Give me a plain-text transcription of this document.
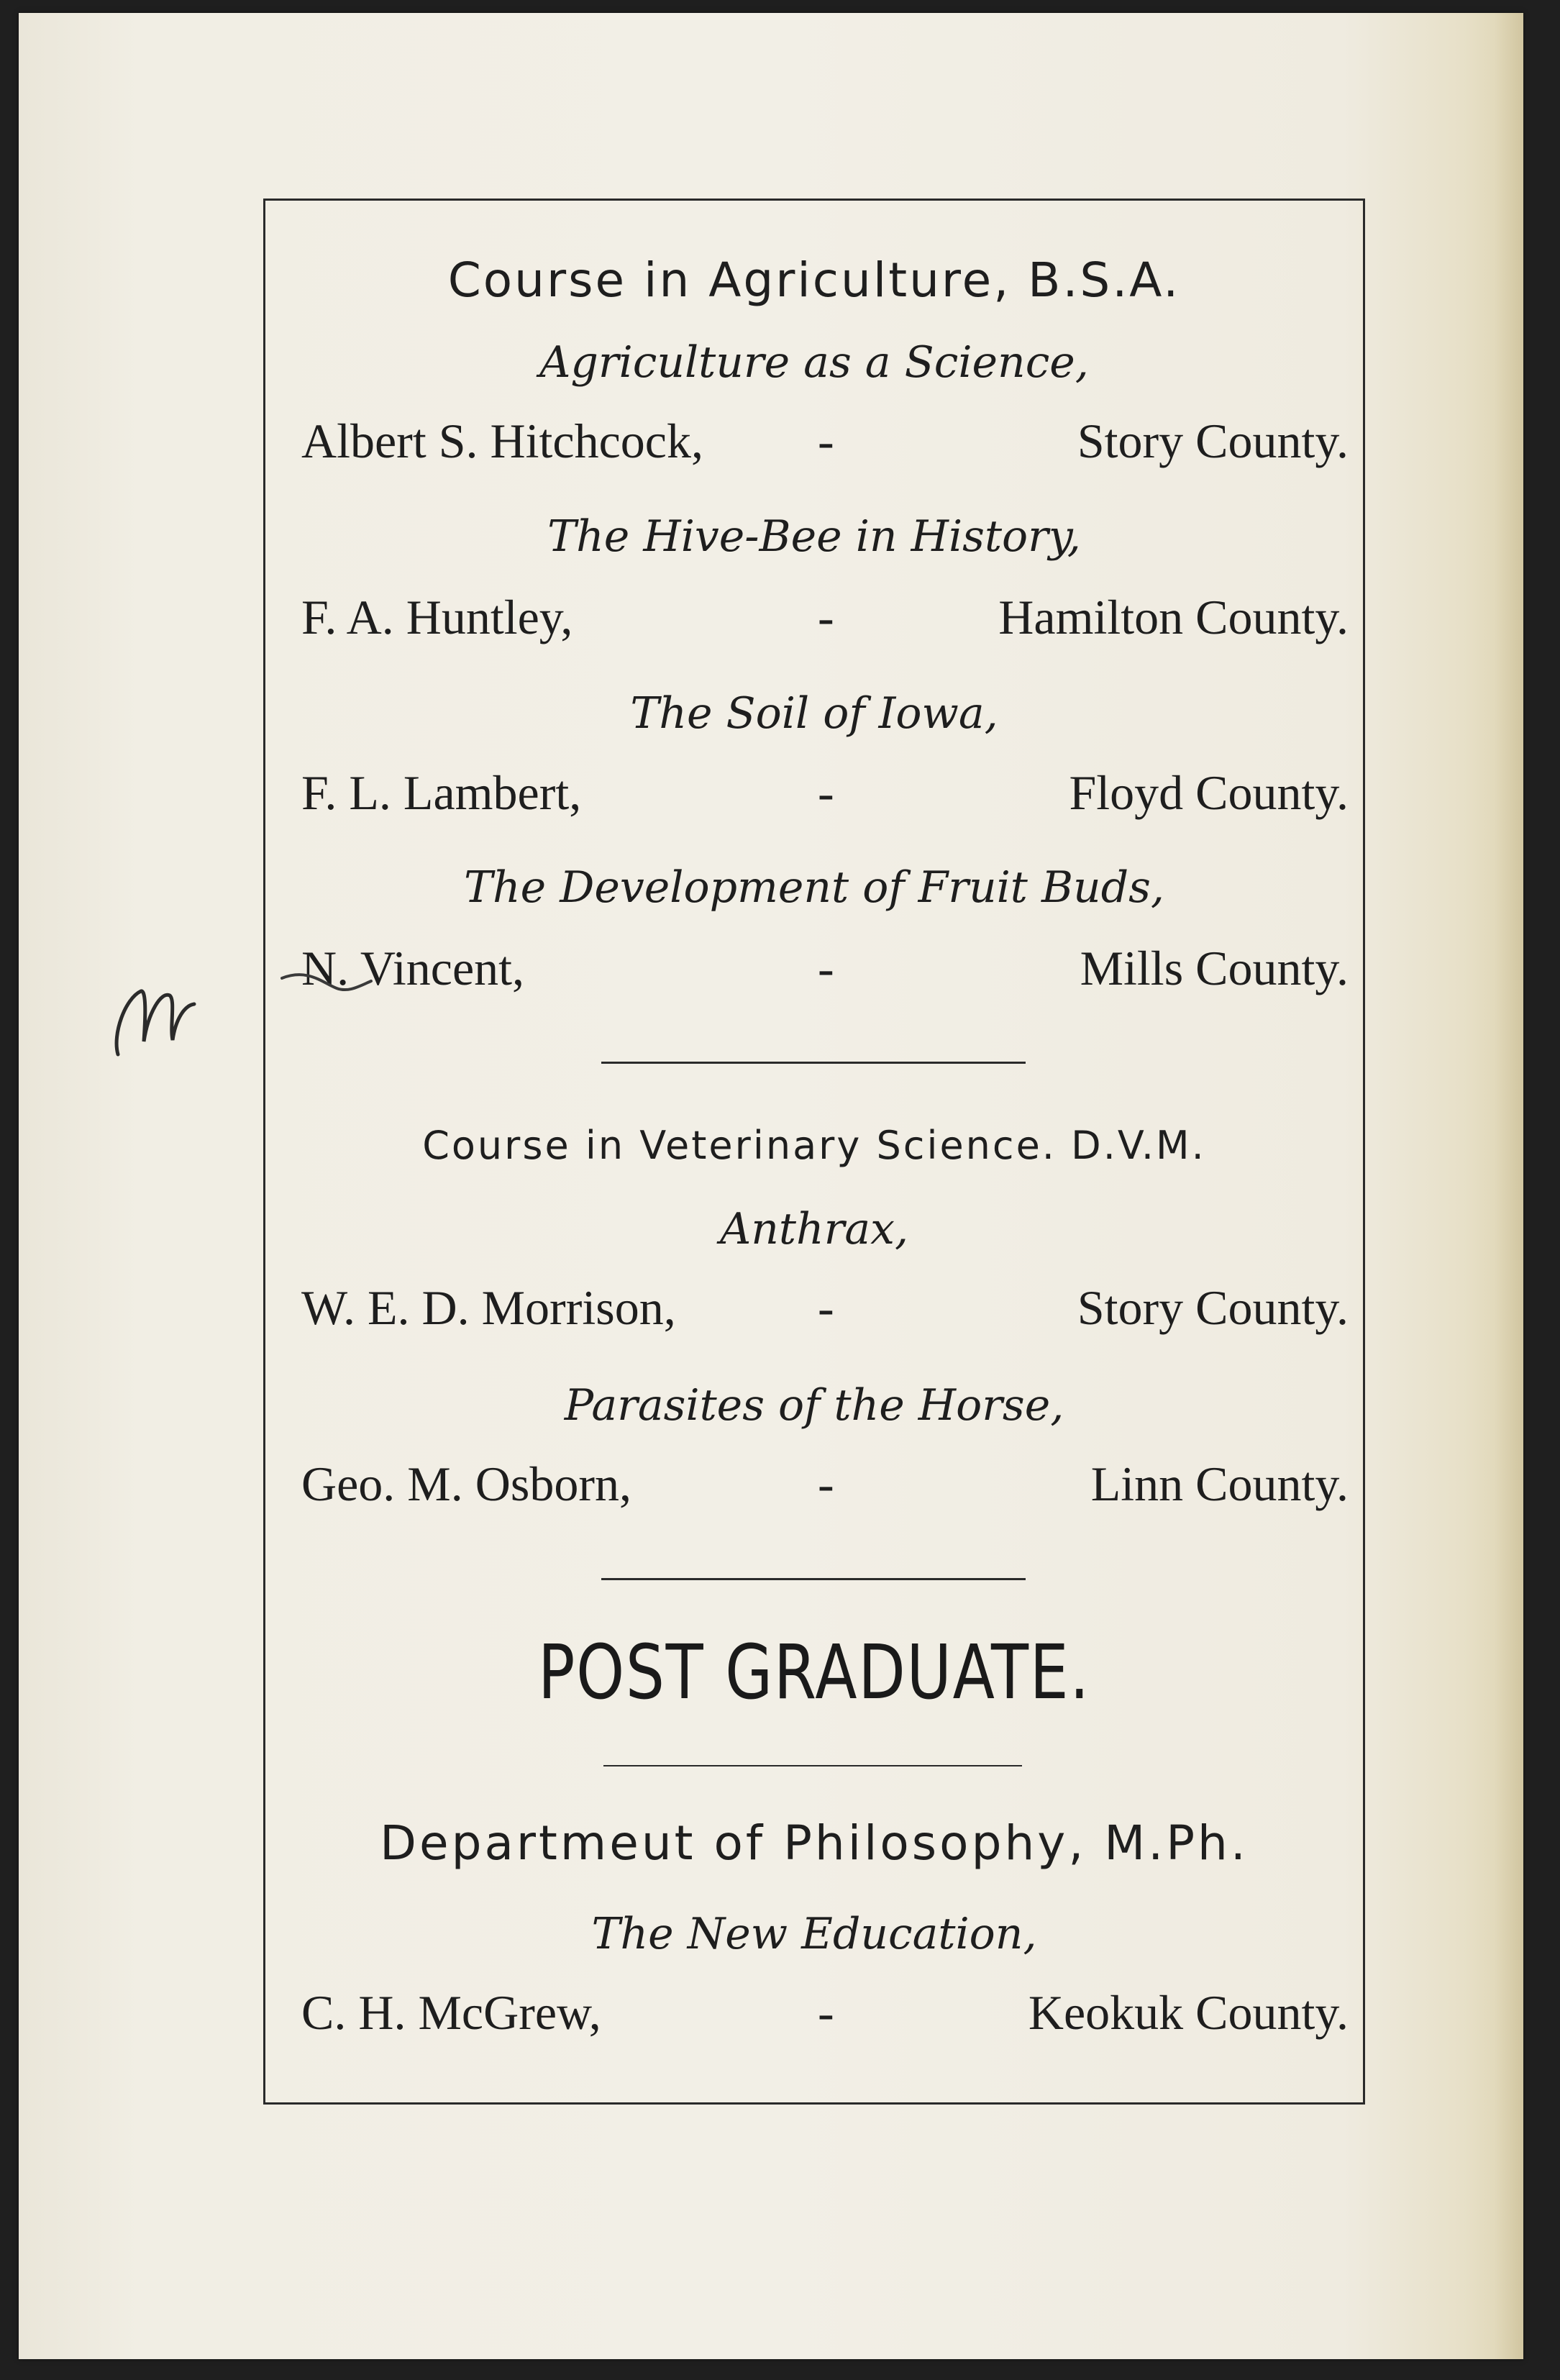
Course in Agriculture, B.S.A.
Agriculture as a Science,
Albert S. Hitchcock, -	Story County.
The Hive-Bee in History,
F. A. Huntley,	-	Hamilton County.
The Soil of Iowa,
F. L. Lambert,	-	Floyd County.
The Development of Fruit Buds,
N. Vincent,	-	Mills County.
Course in Veterinary Science. D.V.M.
Anthrax,
W. E. D. Morrison,	-	Story County.
Parasites of the Horse,
Geo. M. Osborn,	-	Linn County.
POST GRADUATE.
Departmeut of Philosophy, M.Ph.
The New Education,
C. H. McGrew,	-	Keokuk County.
